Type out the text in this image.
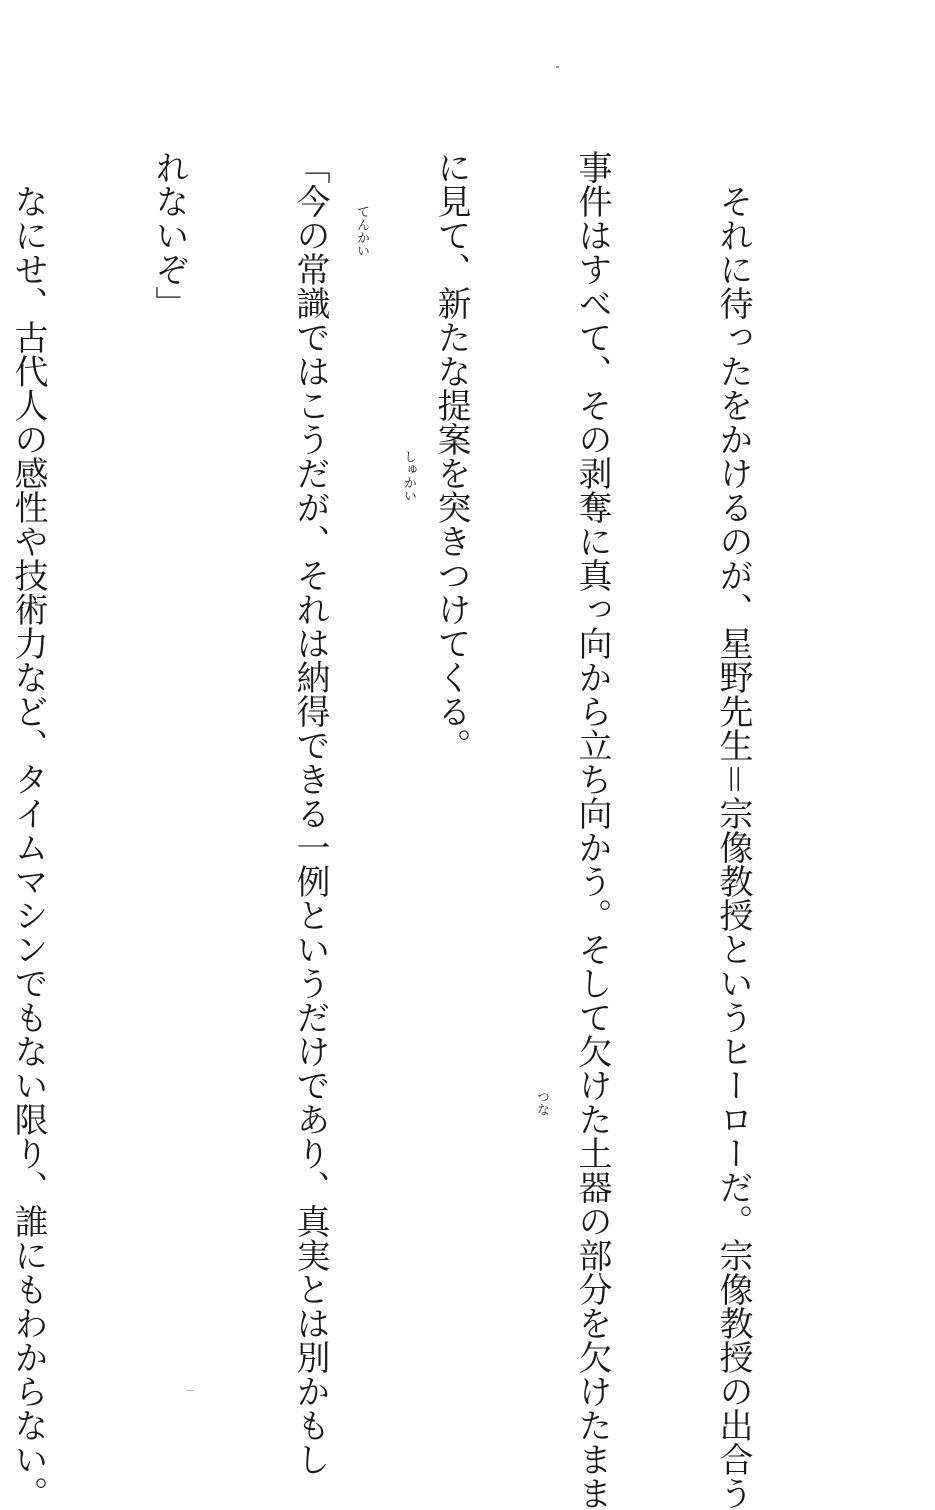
　それに待ったをかけるのが、星野先生＝宗像教授というヒーローだ。宗像教授の出合う

事件はすべて、その剥奪に真っ向から立ち向かう。そして欠けた土器の部分を欠けたまま

に見て、新たな提案を突きつけてくる。

「今の常識ではこうだが、それは納得できる一例というだけであり、真実とは別かもし

れないぞ」

　なにせ、古代人の感性や技術力など、タイムマシンでもない限り、誰にもわからない。

	つな
しゅかい
てんかい
